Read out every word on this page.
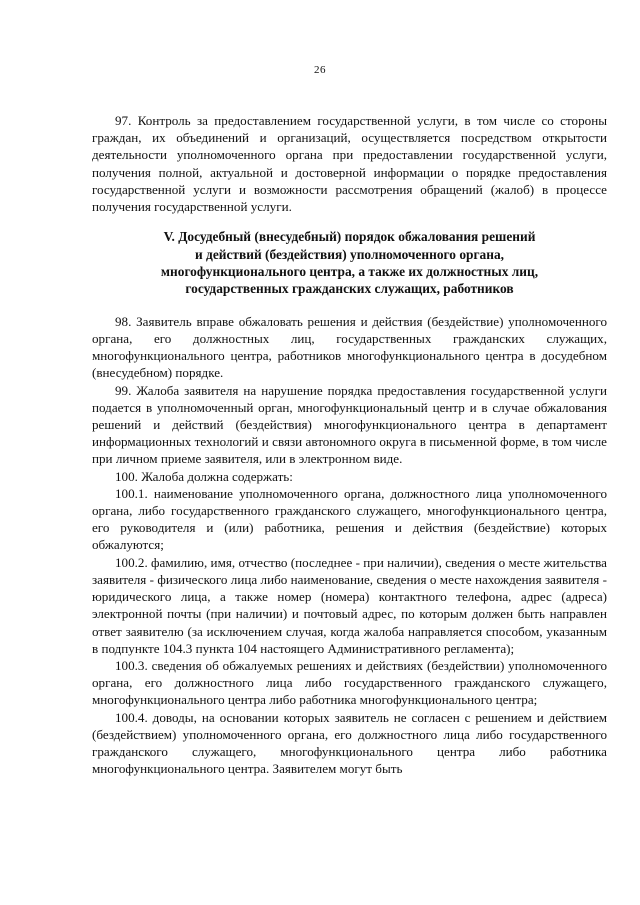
26

97. Контроль за предоставлением государственной услуги, в том числе со стороны граждан, их объединений и организаций, осуществляется посредством открытости деятельности уполномоченного органа при предоставлении государственной услуги, получения полной, актуальной и достоверной информации о порядке предоставления государственной услуги и возможности рассмотрения обращений (жалоб) в процессе получения государственной услуги.

V. Досудебный (внесудебный) порядок обжалования решений
и действий (бездействия) уполномоченного органа,
многофункционального центра, а также их должностных лиц,
государственных гражданских служащих, работников

98. Заявитель вправе обжаловать решения и действия (бездействие) уполномоченного органа, его должностных лиц, государственных гражданских служащих, многофункционального центра, работников многофункционального центра в досудебном (внесудебном) порядке.

99. Жалоба заявителя на нарушение порядка предоставления государственной услуги подается в уполномоченный орган, многофункциональный центр и в случае обжалования решений и действий (бездействия) многофункционального центра в департамент информационных технологий и связи автономного округа в письменной форме, в том числе при личном приеме заявителя, или в электронном виде.

100. Жалоба должна содержать:

100.1. наименование уполномоченного органа, должностного лица уполномоченного органа, либо государственного гражданского служащего, многофункционального центра, его руководителя и (или) работника, решения и действия (бездействие) которых обжалуются;

100.2. фамилию, имя, отчество (последнее - при наличии), сведения о месте жительства заявителя - физического лица либо наименование, сведения о месте нахождения заявителя - юридического лица, а также номер (номера) контактного телефона, адрес (адреса) электронной почты (при наличии) и почтовый адрес, по которым должен быть направлен ответ заявителю (за исключением случая, когда жалоба направляется способом, указанным в подпункте 104.3 пункта 104 настоящего Административного регламента);

100.3. сведения об обжалуемых решениях и действиях (бездействии) уполномоченного органа, его должностного лица либо государственного гражданского служащего, многофункционального центра либо работника многофункционального центра;

100.4. доводы, на основании которых заявитель не согласен с решением и действием (бездействием) уполномоченного органа, его должностного лица либо государственного гражданского служащего, многофункционального центра либо работника многофункционального центра. Заявителем могут быть
